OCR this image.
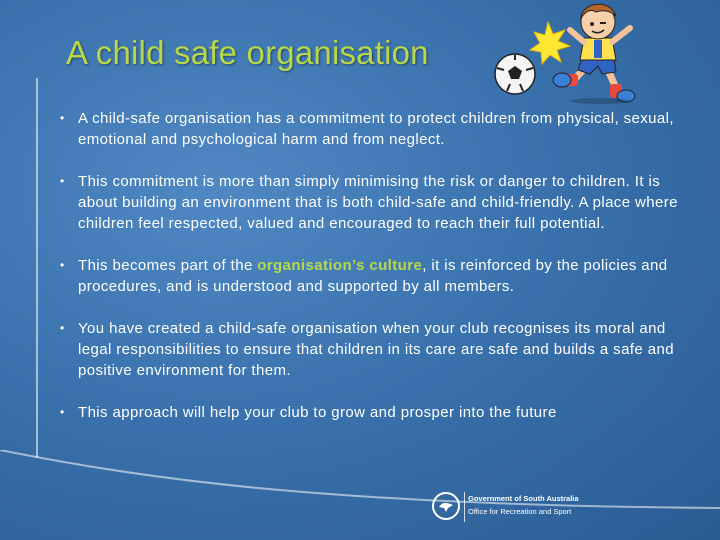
A child safe organisation
• A child-safe organisation has a commitment to protect children from physical, sexual, emotional and psychological harm and from neglect.
• This commitment is more than simply minimising the risk or danger to children. It is about building an environment that is both child-safe and child-friendly. A place where children feel respected, valued and encouraged to reach their full potential.
• This becomes part of the organisation’s culture, it is reinforced by the policies and procedures, and is understood and supported by all members.
• You have created a child-safe organisation when your club recognises its moral and legal responsibilities to ensure that children in its care are safe and builds a safe and positive environment for them.
• This approach will help your club to grow and prosper into the future
Government of South Australia
Office for Recreation and Sport
